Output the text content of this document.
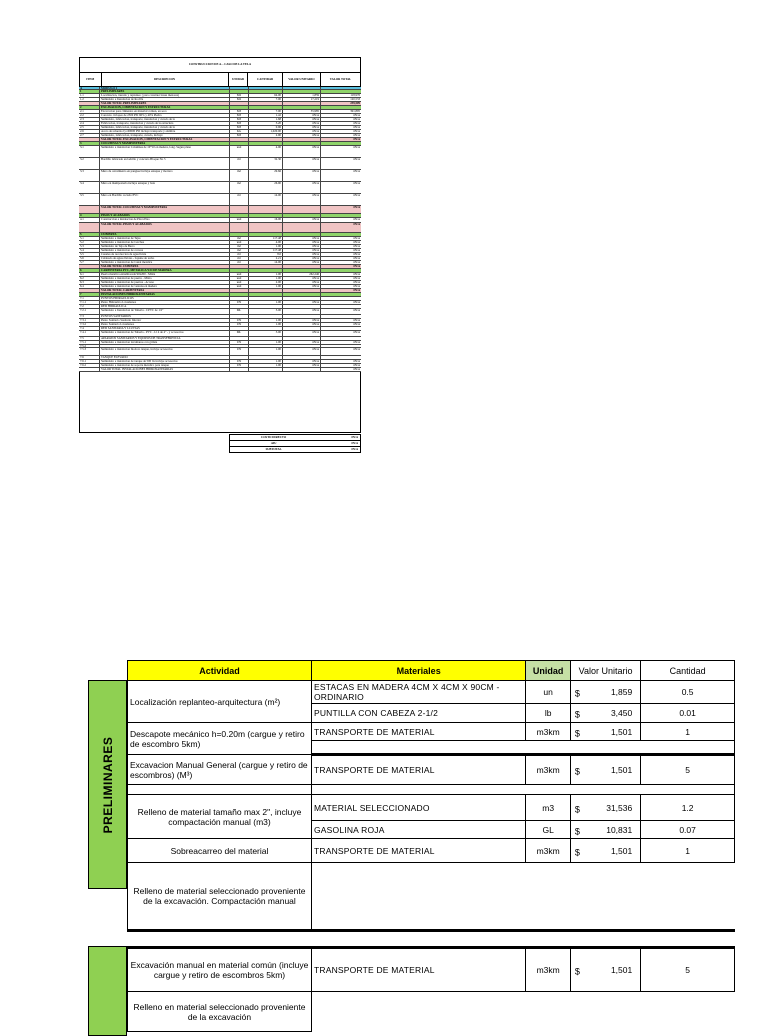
CONSTRUCCION DE A... CASO DE LA TELA
ITEM	DESCRIPCION	UNIDAD	CANTIDAD	VALOR UNITARIO	VALOR TOTAL
A	MODULO 1
1	PRELIMINARES
1.1	Localizacion, trazado y replanteo ( para construcciones menores)	M2	64.00	1,859	118,976
1.2	Suministro e Instalacion de Rocilla	M2	7.00	17,219	120,533
VALOR TOTAL PRELIMINARES	239,509
2	EXCAVACION, CIMENTACION Y ESTRUCTURAS
2.1	Excavacion para cimientos en material comun, en seco	M3	7.00	55,985	391,895
2.2	Concreto ciclopeo de 2500 PSI 60% y 40% Piedra	M3	1.42	#N/A	#N/A
2.3	Suministro, fabricacion, transporte, instalacion y curado de la	M3	1.68	#N/A	#N/A
2.4	Fabricacion, transporte, instalacion y curado de la estructura	M3	3.20	#N/A	#N/A
2.5	Suministro, fabricacion, transporte, instalacion y curado de la	M3	0.96	#N/A	#N/A
2.6	Acero de refuerzo fy=60000 PSI incluye transporte y alambre	KG	1,020.00	#N/A	#N/A
2.7	Suministro, fabricacion, transporte, curado, incluye	M3	2.90	#N/A	#N/A
VALOR TOTAL EXCAVACION, CIMENTACION Y ESTRUCTURAS	#N/A
3	COLUMNAS Y MAMPOSTERIA
3.1	Suministro e instalacion Columnas de 10*10 en madera, long. Segun plano	und	4.00	#N/A	#N/A
3.2	Bordillo fabricado en ladrillo y concreto Bloque No 5	ml	32.30	#N/A	#N/A
3.3	Muro de cerramiento en panguez incluye estuque y mortero	m2	29.66	#N/A	#N/A
3.4	Muro en mamposteria incluye estuque y bata	m2	26.90	#N/A	#N/A
3.5	Muro en Bordillo rociado PVC	ml	14.00	#N/A	#N/A
VALOR TOTAL COLUMNAS Y MAMPOSTERIA	#N/A
4	PISOS Y ACABADOS
4.1	Construccion e instalacion de Placa Piso	und	16.00	#N/A	#N/A
VALOR TOTAL PISOS Y ACABADOS	#N/A
5	CUBIERTA
5.1	Suministro e instalacion de Tejas	m2	117.48	#N/A	#N/A
5.2	Suministro e instalacion de Cerchas	und	4.00	#N/A	#N/A
5.3	Suministro de Teja de Barro	m2	1.00	#N/A	#N/A
5.4	Suministro e instalacion de correas	m2	117.48	#N/A	#N/A
5.5	Canales de recoleccion de agua lluvia	ml	8.0	#N/A	#N/A
5.6	Cableado de aguas lluvias - bajante de techo	ml	2.21	#N/A	#N/A
5.7	Suministro e instalacion de Canal metalica	ml	14.00	#N/A	#N/A
VALOR TOTAL CUBIERTA	#N/A
6	CARPINTERIA PVC, METALICA Y/O DE MADERA
6.1	Puerta metalica entamborada 90x200 - Mixta	und	1.00	262,246	#N/A
6.2	Suministro e instalacion de puerta - Mixta	und	1.00	#N/A	#N/A
6.3	Suministro e instalacion de puertas - Acceso	und	2.00	#N/A	#N/A
6.4	Suministro e instalacion de ventana en madera	und	1.00	#N/A	#N/A
VALOR TOTAL CARPINTERIA	#N/A
7	INSTALACIONES HIDROSANITARIAS
7.1	PUNTOS HIDRAULICOS
7.1.1	Punto Hidraulico Lavamanos	UN	1.00	#N/A	#N/A
7.2	RED HIDRAULICA
7.2.1	Suministro e Instalacion de Tuberia - CPVC de 1/2"	ML	3.00	#N/A	#N/A
7.3	PUNTOS SANITARIOS
7.3.1	Punto Sanitario Sanitario Inferior	UN	1.00	#N/A	#N/A
7.3.2	Punto Sanitario Lavamanos	UN	1.00	#N/A	#N/A
7.4	RED SANITARIA Y LLUVIAS
7.4.1	Suministro e instalacion de Tuberia - PVC - Ll 4 de 4" - y accesorios	ML	3.00	#N/A	#N/A
7.5	APARATOS SANITARIOS Y EQUIPOS DE TRANSFERENCIA
7.5.1	Suministro e instalacion lavamanos con grifeia	UN	1.00	#N/A	#N/A
7.5.2
7.5.3	Suministro e instalacion Inodoro tanque, incluye accesorios	UN	1.00	#N/A	#N/A
7.6	TANQUE ELEVADO
7.6.1	Suministro e instalacion de tanque de 500 lts incluye accesorios	UN	1.00	#N/A	#N/A
7.6.2	Suministro e instalacion de soporte metalico para tanque	UN	1.00	#N/A	#N/A
VALOR TOTAL INSTALACIONES HIDROSANITARIAS	#N/A
COSTO DIRECTO	#N/A
AIU	#N/A
SUBTOTAL	#N/A
PRELIMINARES
Actividad	Materiales	Unidad	Valor Unitario	Cantidad
Localización replanteo-arquitectura (m²)	ESTACAS EN MADERA 4CM X 4CM X 90CM - ORDINARIO	un	$ 1,859	0.5
	PUNTILLA CON CABEZA 2-1/2	lb	$ 3,450	0.01
Descapote mecánico h=0.20m (cargue y retiro de escombro 5km)	TRANSPORTE DE MATERIAL	m3km	$ 1,501	1

Excavacion Manual General (cargue y retiro de escombros) (M³)	TRANSPORTE DE MATERIAL	m3km	$ 1,501	5

Relleno de material tamaño max 2", incluye compactación manual (m3)	MATERIAL SELECCIONADO	m3	$ 31,536	1.2
	GASOLINA ROJA	GL	$ 10,831	0.07
Sobreacarreo del material	TRANSPORTE DE MATERIAL	m3km	$ 1,501	1
Relleno de material seleccionado proveniente de la excavación. Compactación manual				
Excavación manual en material común (incluye cargue y retiro de escombros 5km)	TRANSPORTE DE MATERIAL	m3km	$ 1,501	5
Relleno en material seleccionado proveniente de la excavación				
